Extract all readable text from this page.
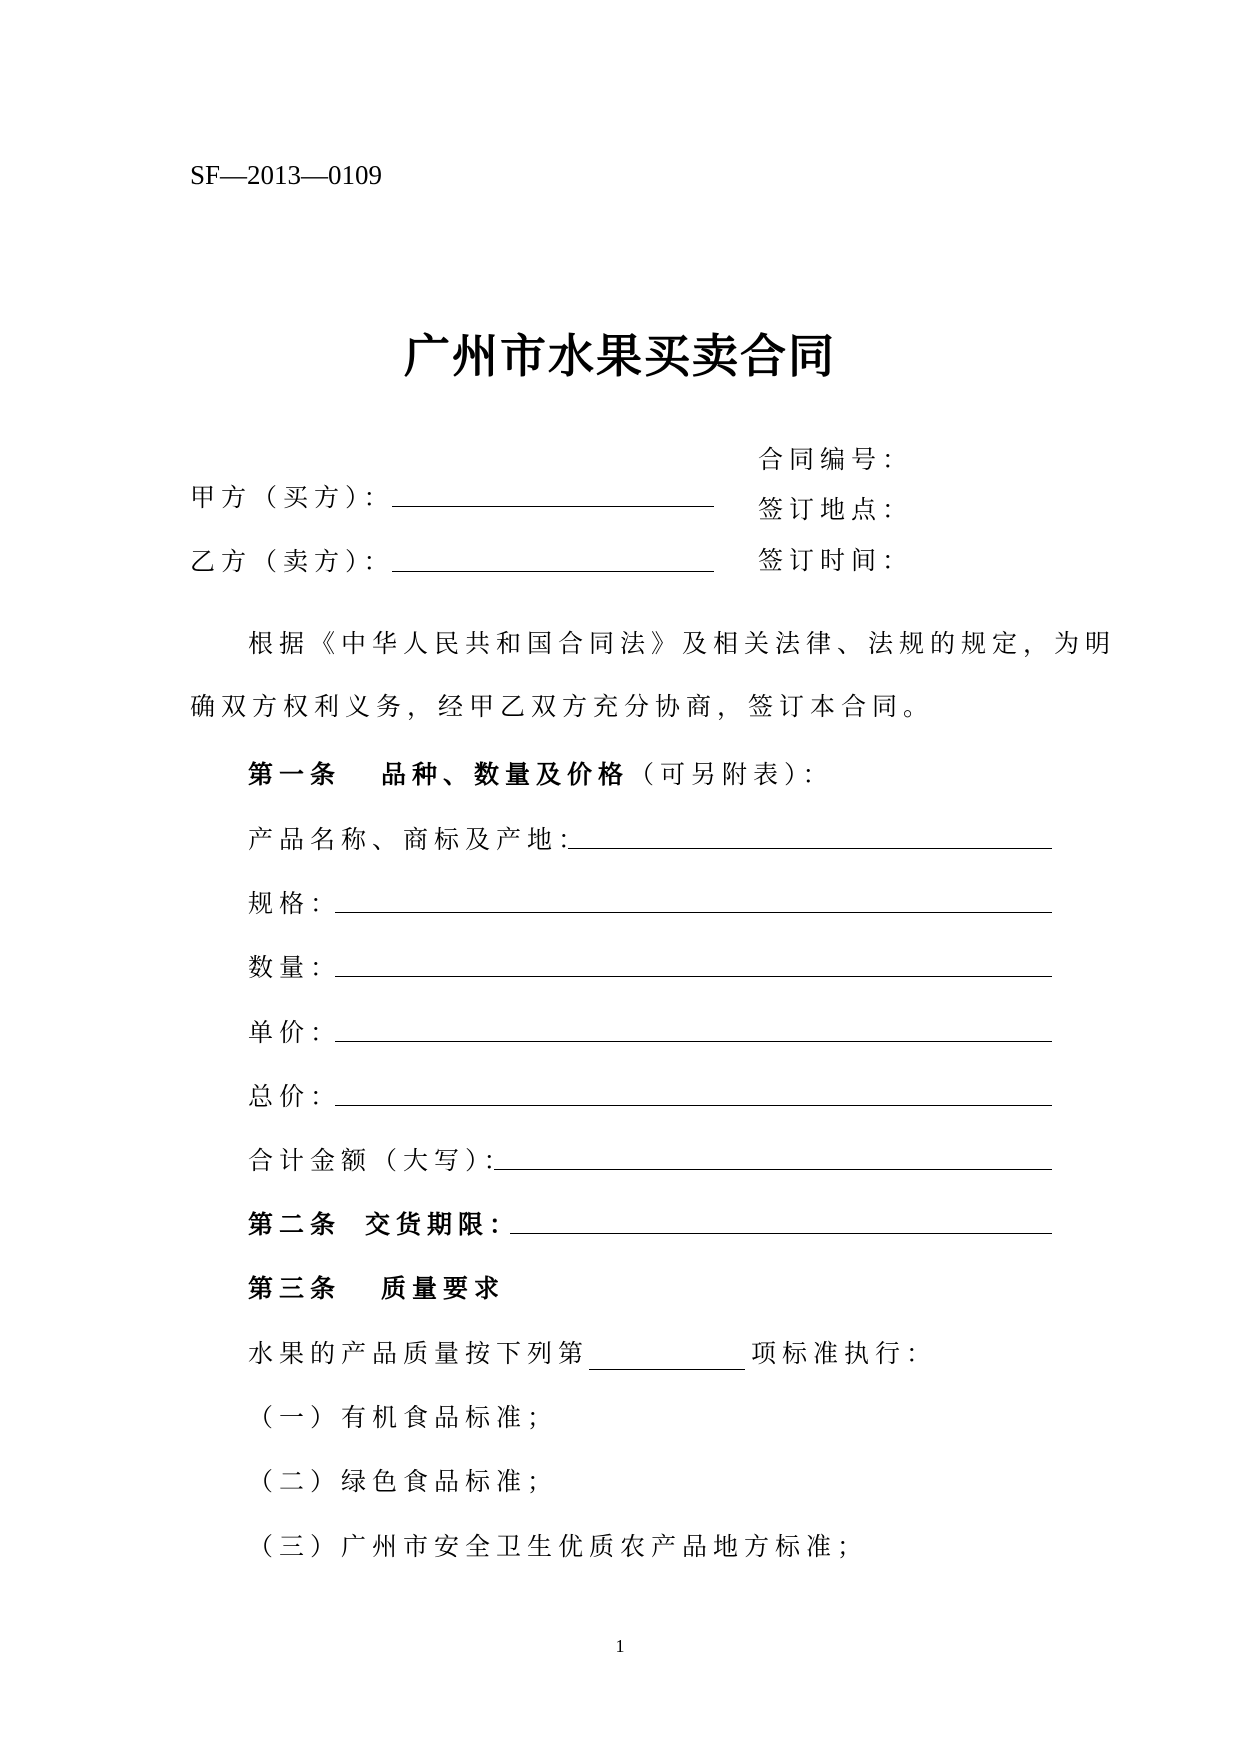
SF—2013—0109
广州市水果买卖合同
合同编号：
签订地点：
签订时间：
甲方（买方）：
乙方（卖方）：
根据《中华人民共和国合同法》及相关法律、法规的规定，为明
确双方权利义务，经甲乙双方充分协商，签订本合同。
第一条 品种、数量及价格（可另附表）：
产品名称、商标及产地：
规格：
数量：
单价：
总价：
合计金额（大写）：
第二条 交货期限：
第三条 质量要求
水果的产品质量按下列第	项标准执行：
（一）有机食品标准；
（二）绿色食品标准；
（三）广州市安全卫生优质农产品地方标准；
1
